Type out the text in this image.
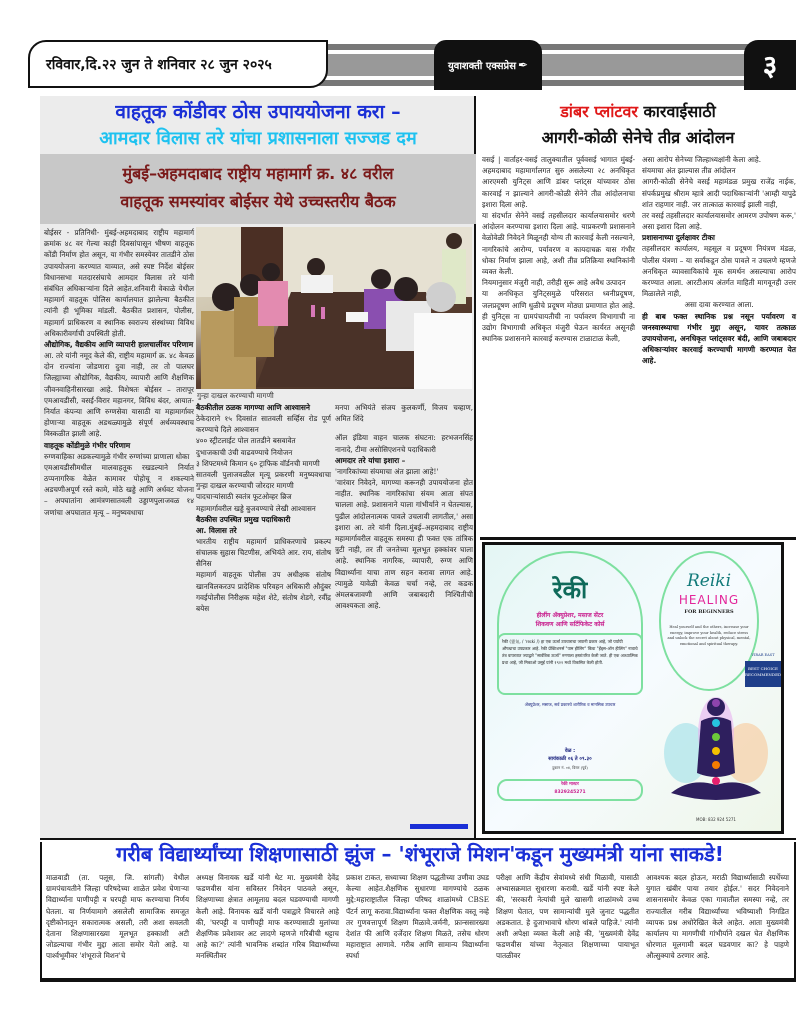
रविवार,दि.२२ जुन ते शनिवार २८ जुन २०२५	युवाशक्ती एक्सप्रेस ✒	३
वाहतूक कोंडीवर ठोस उपाययोजना करा –
आमदार विलास तरे यांचा प्रशासनाला सज्जड दम
मुंबई–अहमदाबाद राष्ट्रीय महामार्ग क्र. ४८ वरील
वाहतूक समस्यांवर बोईसर येथे उच्चस्तरीय बैठक

बोईसर - प्रतिनिधी- मुंबई-अहमदाबाद राष्ट्रीय महामार्ग क्रमांक ४८ वर गेल्या काही दिवसांपासून भीषण वाहतूक कोंडी निर्माण होत असून, या गंभीर समस्येवर तातडीने ठोस उपाययोजना करण्यात याव्यात, असे स्पष्ट निर्देश बोईसर विधानसभा मतदारसंघाचे आमदार विलास तरे यांनी संबंधित अधिकाऱ्यांना दिले आहेत.शनिवारी वेकाळे येथील महामार्ग वाहतूक पोलिस कार्यालयात झालेल्या बैठकीत त्यांनी ही भूमिका मांडली. बैठकीत प्रशासन, पोलीस, महामार्ग प्राधिकरण व स्थानिक स्वराज्य संस्थांच्या विविध अधिकारीवर्गाची उपस्थिती होती.

औद्योगिक, वैद्यकीय आणि व्यापारी हालचालींवर परिणाम

आ. तरे यांनी नमूद केले की, राष्ट्रीय महामार्ग क्र. ४८ केवळ दोन राज्यांना जोडणारा दुवा नाही, तर तो पालघर जिल्ह्याच्या औद्योगिक, वैद्यकीय, व्यापारी आणि शैक्षणिक जीवनवाहिनीसारखा आहे. विशेषतः बोईसर – तारापूर एमआयडीसी, वसई-विरार महानगर, विविध बंदर, आयात-निर्यात कंपन्या आणि रुग्णसेवा यासाठी या महामार्गावर होणाऱ्या वाहतूक अडथळ्यामुळे संपूर्ण अर्थव्यवस्थाच विस्कळीत झाली आहे.

वाहतूक कोंडीमुळे गंभीर परिणाम

रुग्णवाहिका अडकल्यामुळे गंभीर रुग्णांच्या प्राणाला धोका

एमआयडीसीमधील मालवाहतूक रखडल्याने निर्यात ठप्पनागरिक वेळेत कामावर पोहोचू न शकल्याने अडचणीअपूर्ण रस्ते कामे, मोठे खड्डे आणि अर्धवट योजना – अपघातांना आमंत्रणसातवली उड्डाणपुलाजवळ १४ जणांचा अपघातात मृत्यू – मनुष्यवधाचा

गुन्हा दाखल करण्याची मागणी

बैठकीतील ठळक मागण्या आणि आश्वासने

ठेकेदाराने १५ दिवसांत सातवली सर्व्हिस रोड पूर्ण करण्याचे दिले आश्वासन

४०० स्ट्रीटलाईट पोल तातडीने बसवावेत

दुभाजकाची उंची वाढवण्याचे नियोजन

३ शिफ्टमध्ये किमान ६० ट्राफिक वॉर्डनची मागणी

सातवली पुलाजवळील मृत्यू प्रकरणी मनुष्यवधाचा गुन्हा दाखल करण्याची जोरदार मागणी

पादचाऱ्यांसाठी स्वतंत्र फूटओव्हर ब्रिज

महामार्गावरील खड्डे बुजवण्याचे लेखी आश्वासन

बैठकीस उपस्थित प्रमुख पदाधिकारी

आ. विलास तरे

भारतीय राष्ट्रीय महामार्ग प्राधिकरणाचे प्रकल्प संचालक सुहास चिटणीस, अभियंते आर. राय, संतोष सैनिस

महामार्ग वाहतूक पोलीस उप अधीक्षक संतोष खानविलकरउप प्रादेशिक परिवहन अधिकारी औदुंबर गवईपोलीस निरीक्षक महेश शेटे, संतोष शेडगे, रवींद्र बयेस

मनपा अभियंते संजय कुलकर्णी, विजय चव्हाण, अमित शिंदे

ऑल इंडिया वाहन चालक संघटना: हरभजनसिंह नानादे, टीमा असोसिएशनचे पदाधिकारी

आमदार तरे यांचा इशारा –

'नागरिकांच्या संयमाचा अंत झाला आहे!'

'वारंवार निवेदने, मागण्या करूनही उपाययोजना होत नाहीत. स्थानिक नागरिकांचा संयम आता संपत चालला आहे. प्रशासनाने याला गांभीर्याने न घेतल्यास, पुढील आंदोलनात्मक पावले उचलावी लागतील,' असा इशारा आ. तरे यांनी दिला.मुंबई–अहमदाबाद राष्ट्रीय महामार्गावरील वाहतूक समस्या ही फक्त एक तांत्रिक त्रुटी नाही, तर ती जनतेच्या मूलभूत हक्कांवर घाला आहे. स्थानिक नागरिक, व्यापारी, रुग्ण आणि विद्यार्थ्यांना याचा ताण सहन करावा लागत आहे. त्यामुळे यावेळी केवळ चर्चा नव्हे, तर कडक अंमलबजावणी आणि जबाबदारी निश्चितीची आवश्यकता आहे.

डांबर प्लांटवर कारवाईसाठी
आगरी-कोळी सेनेचे तीव्र आंदोलन

वसई | वार्ताहर-वसई तालुक्यातील पूर्ववसई भागात मुंबई-अहमदाबाद महामार्गालगत सुरु असलेल्या २८ अनधिकृत आरएमसी युनिट्स आणि डांबर प्लांट्स यांच्यावर ठोस कारवाई न झाल्याने आगरी-कोळी सेनेने तीव्र आंदोलनाचा इशारा दिला आहे.

या संदर्भात सेनेने वसई तहसीलदार कार्यालयासमोर धरणे आंदोलन करण्याचा इशारा दिला आहे. याप्रकरणी प्रशासनाने वेळोवेळी निवेदने मिळूनही योग्य ती कारवाई केली नसल्याने, नागरिकांचे आरोग्य, पर्यावरण व कायदाचक्र यास गंभीर धोका निर्माण झाला आहे, अशी तीव्र प्रतिक्रिया स्थानिकांनी व्यक्त केली.

नियमानुसार मंजुरी नाही, तरीही सुरू आहे अवैध उत्पादन

या अनधिकृत युनिट्समुळे परिसरात ध्वनीप्रदूषण, जलप्रदूषण आणि धुळीचे प्रदूषण मोठ्या प्रमाणात होत आहे. ही युनिट्स ना ग्रामपंचायतीची ना पर्यावरण विभागाची ना उद्योग विभागाची अधिकृत मंजुरी घेऊन कार्यरत असूनही स्थानिक प्रशासनाने कारवाई करण्यास टाळाटाळ केली,

असा आरोप सेनेच्या जिल्हाध्यक्षांनी केला आहे.

संयमाचा अंत झाल्यास तीव्र आंदोलन

आगरी-कोळी सेनेचे वसई महामंडळ प्रमुख राजेंद्र नाईक, संपर्कप्रमुख श्रीराम म्हात्रे आदी पदाधिकाऱ्यांनी 'आम्ही यापुढे शांत राहणार नाही. जर तात्काळ कारवाई झाली नाही,

तर वसई तहसीलदार कार्यालयासमोर आमरण उपोषण करू,' असा इशारा दिला आहे.

प्रशासनाच्या दुर्लक्षावर टीका

तहसीलदार कार्यालय, महसूल व प्रदूषण नियंत्रण मंडळ, पोलीस यंत्रणा – या सर्वांकडून ठोस पावले न उचलणे म्हणजे अनधिकृत व्यावसायिकांचे मूक समर्थन असल्याचा आरोप करण्यात आला. आरटीआय अंतर्गत माहिती मागवूनही उत्तर मिळालेले नाही,

असा दावा करण्यात आला.

ही बाब फक्त स्थानिक प्रश्न नसून पर्यावरण व जनस्वास्थ्याचा गंभीर मुद्दा असून, यावर तत्काळ उपाययोजना, अनधिकृत प्लांट्सवर बंदी, आणि जबाबदार अधिकाऱ्यांवर कारवाई करण्याची मागणी करण्यात येत आहे.

रेकी
हीलींग ॲक्युप्रेशर, मसाज सेंटर
शिकवण आणि सर्टिफिकेट कोर्स
रेकी (霊気, / ˈreɪki /) हा एक ऊर्जा उपचाराचा जपानी प्रकार आहे, जो पर्यायी औषधाचा उपप्रकार आहे. रेकी प्रॅक्टिशनर्स "पाम हीलिंग" किंवा "हँड्स-ऑन हीलिंग" नावाचे तंत्र वापरतात ज्याद्वारे "सार्वत्रिक ऊर्जा" रुग्णाला हस्तांतरित केली जाते. ही एक आध्यात्मिक प्रथा आहे, जी मिकाओ उसुई यांनी १९२२ मध्ये विकसित केली होती.
ॲक्युप्रेशर, मसाज, सर्व प्रकारचे शारीरिक व मानसिक उपचार
वेळ :
सायंकाळी ०६ ते ०९.३०
दुकान नं. ०४, विरार (पूर्व)
रेकी मास्टर
8329245271
Reiki
HEALING
FOR BEGINNERS
Heal yourself and the others, increase your energy, improve your health, reduce stress and unlock the secret about physical, mental, emotional and spiritual therapy.
VIRAR EAST
BEST CHOICE
RECOMMENDED
MOB: 832 924 5271
गरीब विद्यार्थ्यांच्या शिक्षणासाठी झुंज – 'शंभूराजे मिशन'कडून मुख्यमंत्री यांना साकडे!

माळवाडी (ता. पलूस, जि. सांगली) येथील ग्रामपंचायतीने जिल्हा परिषदेच्या शाळेत प्रवेश घेणाऱ्या विद्यार्थ्यांना पाणीपट्टी व घरपट्टी माफ करण्याचा निर्णय घेतला. या निर्णयामागे असलेली सामाजिक समजूत दृष्टीकोनातून सकारात्मक असली, तरी अशा सवलती देताना शिक्षणासारख्या मूलभूत हक्काशी अटी जोडल्याचा गंभीर मुद्दा आता समोर येतो आहे. या पार्श्वभूमीवर 'शंभूराजे मिशन'चे

अध्यक्ष विनायक खर्डे यांनी थेट मा. मुख्यमंत्री देवेंद्र फडणवीस यांना सविस्तर निवेदन पाठवले असून, शिक्षणाच्या क्षेत्रात आमूलाग्र बदल घडवण्याची मागणी केली आहे. विनायक खर्डे यांनी पत्राद्वारे विचारले आहे की, 'घरपट्टी व पाणीपट्टी माफ करण्यासाठी मुलांच्या शैक्षणिक प्रवेशावर अट लादणे म्हणजे गरिबीची थट्टाच आहे का?' त्यांनी भावनिक शब्दांत गरिब विद्यार्थ्यांच्या मनस्थितीवर

प्रकाश टाकत, सध्याच्या शिक्षण पद्धतीच्या उणीवा उघड केल्या आहेत.शैक्षणिक सुधारणा मागण्यांचे ठळक मुद्दे:महाराष्ट्रातील जिल्हा परिषद शाळांमध्ये CBSE पॅटर्न लागू करावा.विद्यार्थ्यांना फक्त शैक्षणिक वस्तू नव्हे तर गुणवत्तापूर्ण शिक्षण मिळावे.जर्मनी, फ्रान्ससारख्या देशांत फी आणि दर्जेदार शिक्षण मिळते, तसेच धोरण महाराष्ट्रात आणावे. गरीब आणि सामान्य विद्यार्थ्यांना स्पर्धा

परीक्षा आणि केंद्रीय सेवांमध्ये संधी मिळावी, यासाठी अभ्यासक्रमात सुधारणा करावी. खर्डे यांनी स्पष्ट केले की, 'सरकारी नेत्यांची मुले खासगी शाळांमध्ये उच्च शिक्षण घेतात, पण सामान्यांची मुले जुनाट पद्धतीत अडकतात. हे दुजाभावाचे धोरण थांबले पाहिजे.' त्यांनी अशी अपेक्षा व्यक्त केली आहे की, 'मुख्यमंत्री देवेंद्र फडणवीस यांच्या नेतृत्वात शिक्षणाच्या पायाभूत पातळीवर

आवश्यक बदल होऊन, मराठी विद्यार्थ्यांसाठी स्पर्धेच्या युगात खंबीर पाया तयार होईल.' सदर निवेदनाने शासनासमोर केवळ एका गावातील समस्या नव्हे, तर राज्यातील गरीब विद्यार्थ्यांच्या भविष्याशी निगडित व्यापक प्रश्न अधोरेखित केले आहेत. आता मुख्यमंत्री कार्यालय या मागणीची गांभीर्याने दखल घेत शैक्षणिक धोरणात मूलगामी बदल घडवणार का? हे पाहणे औत्सुक्याचे ठरणार आहे.
